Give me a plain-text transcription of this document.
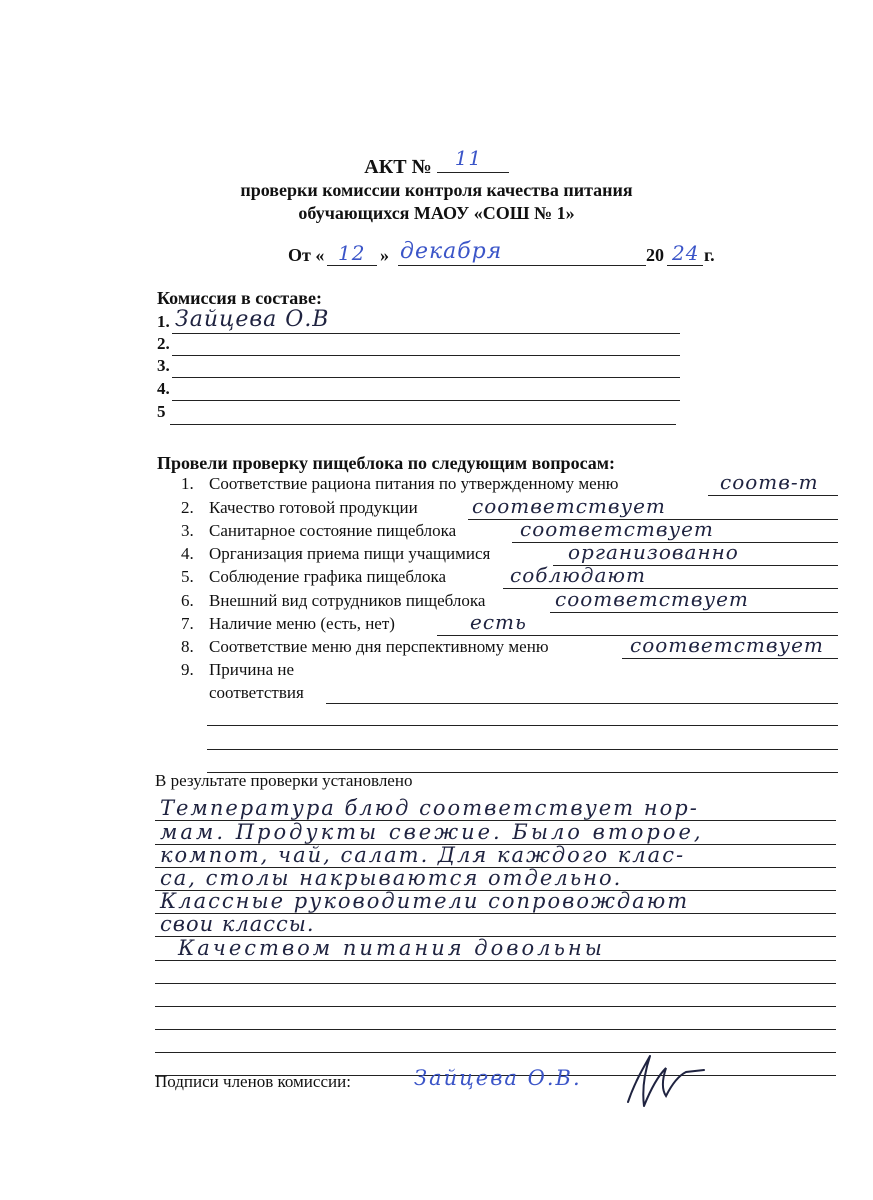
АКТ № 11
проверки комиссии контроля качества питания
обучающихся МАОУ «СОШ № 1»
От « 12 » декабря	20 24 г.
Комиссия в составе:
1. Зайцева О.В
2.
3.
4.
5
Провели проверку пищеблока по следующим вопросам:
1. Соответствие рациона питания по утвержденному меню	соотв-т
2. Качество готовой продукции	соответствует
3. Санитарное состояние пищеблока	соответствует
4. Организация приема пищи учащимися	организованно
5. Соблюдение графика пищеблока	соблюдают
6. Внешний вид сотрудников пищеблока	соответствует
7. Наличие меню (есть, нет)	есть
8. Соответствие меню дня перспективному меню	соответствует
9. Причина не
соответствия
В результате проверки установлено
Температура блюд соответствует нор-
мам. Продукты свежие. Было второе,
компот, чай, салат. Для каждого клас-
са, столы накрываются отдельно.
Классные руководители сопровождают
свои классы.
Качеством питания довольны
Подписи членов комиссии:	Зайцева О.В.
